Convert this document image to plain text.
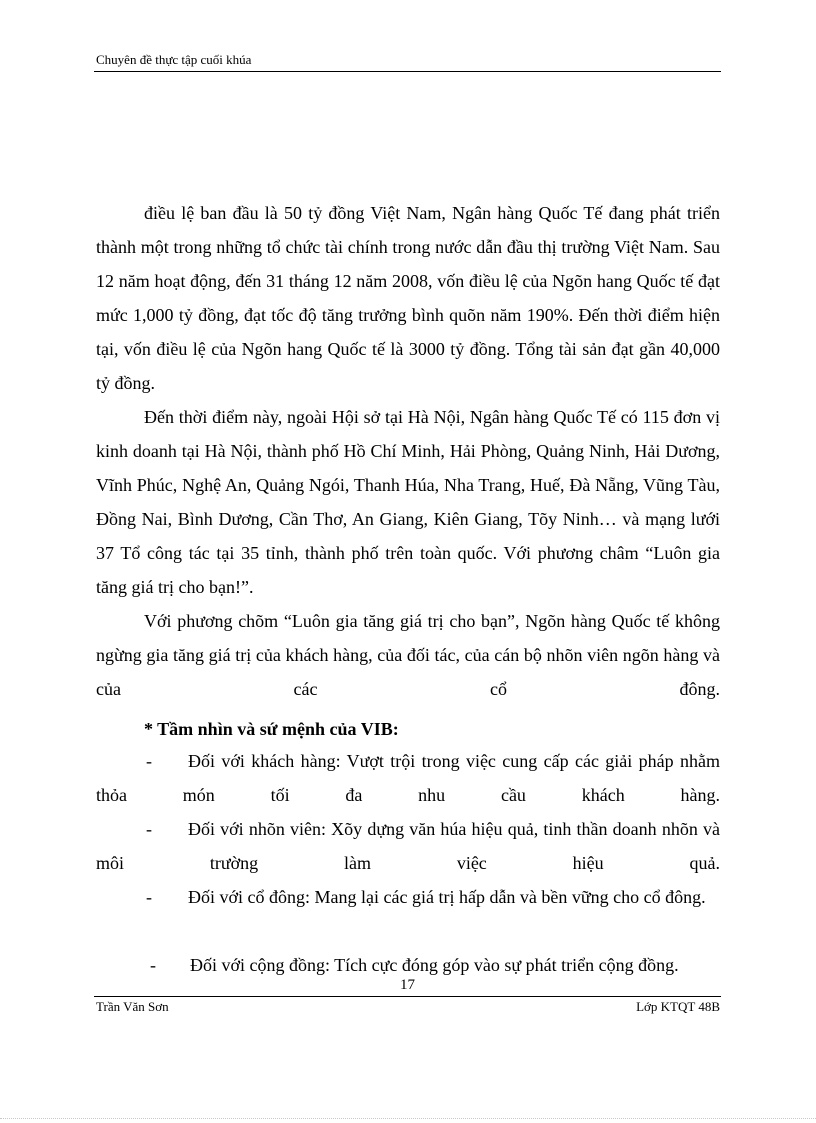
Chuyên đề thực tập cuối khúa
điều lệ ban đầu là 50 tỷ đồng Việt Nam, Ngân hàng Quốc Tế đang phát triển thành một trong những tổ chức tài chính trong nước dẫn đầu thị trường Việt Nam. Sau 12 năm hoạt động, đến 31 tháng 12 năm 2008, vốn điều lệ của Ngõn hang Quốc tế đạt mức 1,000 tỷ đồng, đạt tốc độ tăng trưởng bình quõn năm 190%. Đến thời điểm hiện tại, vốn điều lệ của Ngõn hang Quốc tế là 3000 tỷ đồng. Tổng tài sản đạt gần 40,000 tỷ đồng.
Đến thời điểm này, ngoài Hội sở tại Hà Nội, Ngân hàng Quốc Tế có 115 đơn vị kinh doanh tại Hà Nội, thành phố Hồ Chí Minh, Hải Phòng, Quảng Ninh, Hải Dương, Vĩnh Phúc, Nghệ An, Quảng Ngói, Thanh Húa, Nha Trang, Huế, Đà Nẵng, Vũng Tàu, Đồng Nai, Bình Dương, Cần Thơ, An Giang, Kiên Giang, Tõy Ninh… và mạng lưới 37 Tổ công tác tại 35 tỉnh, thành phố trên toàn quốc. Với phương châm “Luôn gia tăng giá trị cho bạn!”.
Với phương chõm “Luôn gia tăng giá trị cho bạn”, Ngõn hàng Quốc tế không ngừng gia tăng giá trị của khách hàng, của đối tác, của cán bộ nhõn viên ngõn hàng và của các cổ đông.
* Tầm nhìn và sứ mệnh của VIB:
-	Đối với khách hàng: Vượt trội trong việc cung cấp các giải pháp nhằm thỏa món tối đa nhu cầu khách hàng.
-	Đối với nhõn viên: Xõy dựng văn húa hiệu quả, tinh thần doanh nhõn và môi trường làm việc hiệu quả.
-	Đối với cổ đông: Mang lại các giá trị hấp dẫn và bền vững cho cổ đông.
- Đối với cộng đồng: Tích cực đóng góp vào sự phát triển cộng đồng.
17
Trần Văn Sơn	Lớp KTQT 48B
